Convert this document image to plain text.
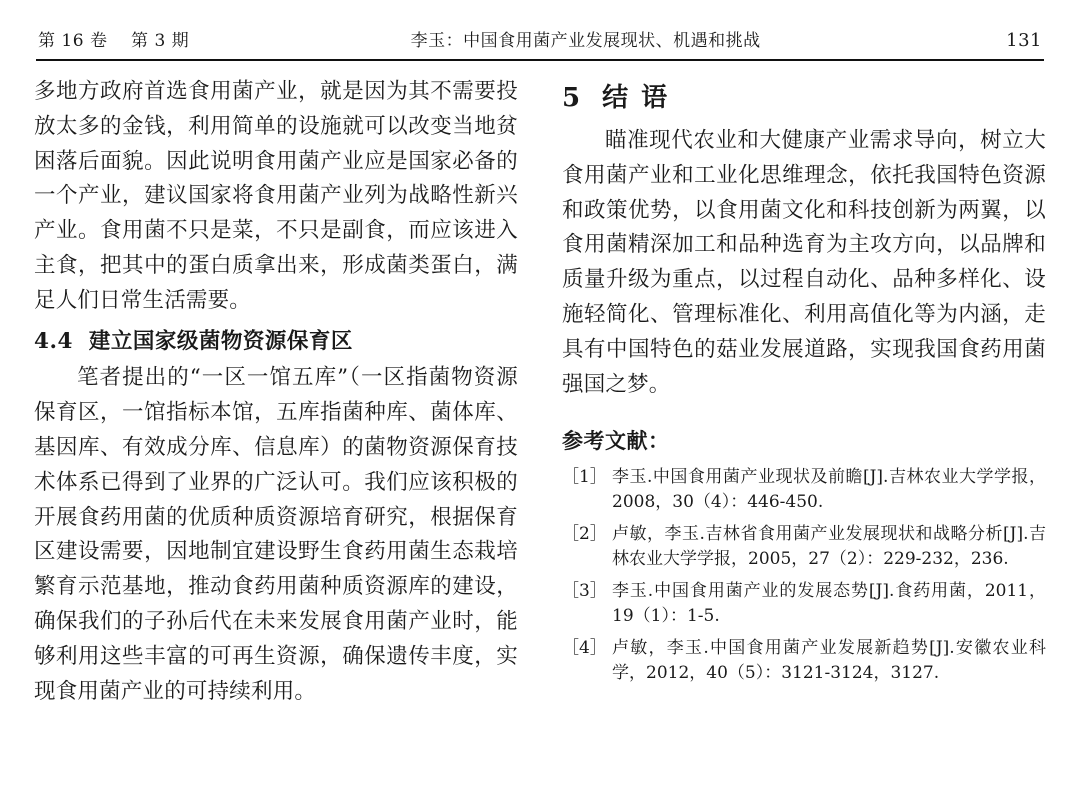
第 16 卷    第 3 期	李玉：中国食用菌产业发展现状、机遇和挑战	131

多地方政府首选食用菌产业，就是因为其不需要投放太多的金钱，利用简单的设施就可以改变当地贫困落后面貌。因此说明食用菌产业应是国家必备的一个产业，建议国家将食用菌产业列为战略性新兴产业。食用菌不只是菜，不只是副食，而应该进入主食，把其中的蛋白质拿出来，形成菌类蛋白，满足人们日常生活需要。

4.4 建立国家级菌物资源保育区

笔者提出的“一区一馆五库”（一区指菌物资源保育区，一馆指标本馆，五库指菌种库、菌体库、基因库、有效成分库、信息库）的菌物资源保育技术体系已得到了业界的广泛认可。我们应该积极的开展食药用菌的优质种质资源培育研究，根据保育区建设需要，因地制宜建设野生食药用菌生态栽培繁育示范基地，推动食药用菌种质资源库的建设，确保我们的子孙后代在未来发展食用菌产业时，能够利用这些丰富的可再生资源，确保遗传丰度，实现食用菌产业的可持续利用。

5 结 语

瞄准现代农业和大健康产业需求导向，树立大食用菌产业和工业化思维理念，依托我国特色资源和政策优势，以食用菌文化和科技创新为两翼，以食用菌精深加工和品种选育为主攻方向，以品牌和质量升级为重点，以过程自动化、品种多样化、设施轻简化、管理标准化、利用高值化等为内涵，走具有中国特色的菇业发展道路，实现我国食药用菌强国之梦。

参考文献：
［1］ 李玉.中国食用菌产业现状及前瞻[J].吉林农业大学学报，2008，30（4）：446-450.
［2］ 卢敏，李玉.吉林省食用菌产业发展现状和战略分析[J].吉林农业大学学报，2005，27（2）：229-232，236.
［3］ 李玉.中国食用菌产业的发展态势[J].食药用菌，2011，19（1）：1-5.
［4］ 卢敏，李玉.中国食用菌产业发展新趋势[J].安徽农业科学，2012，40（5）：3121-3124，3127.
